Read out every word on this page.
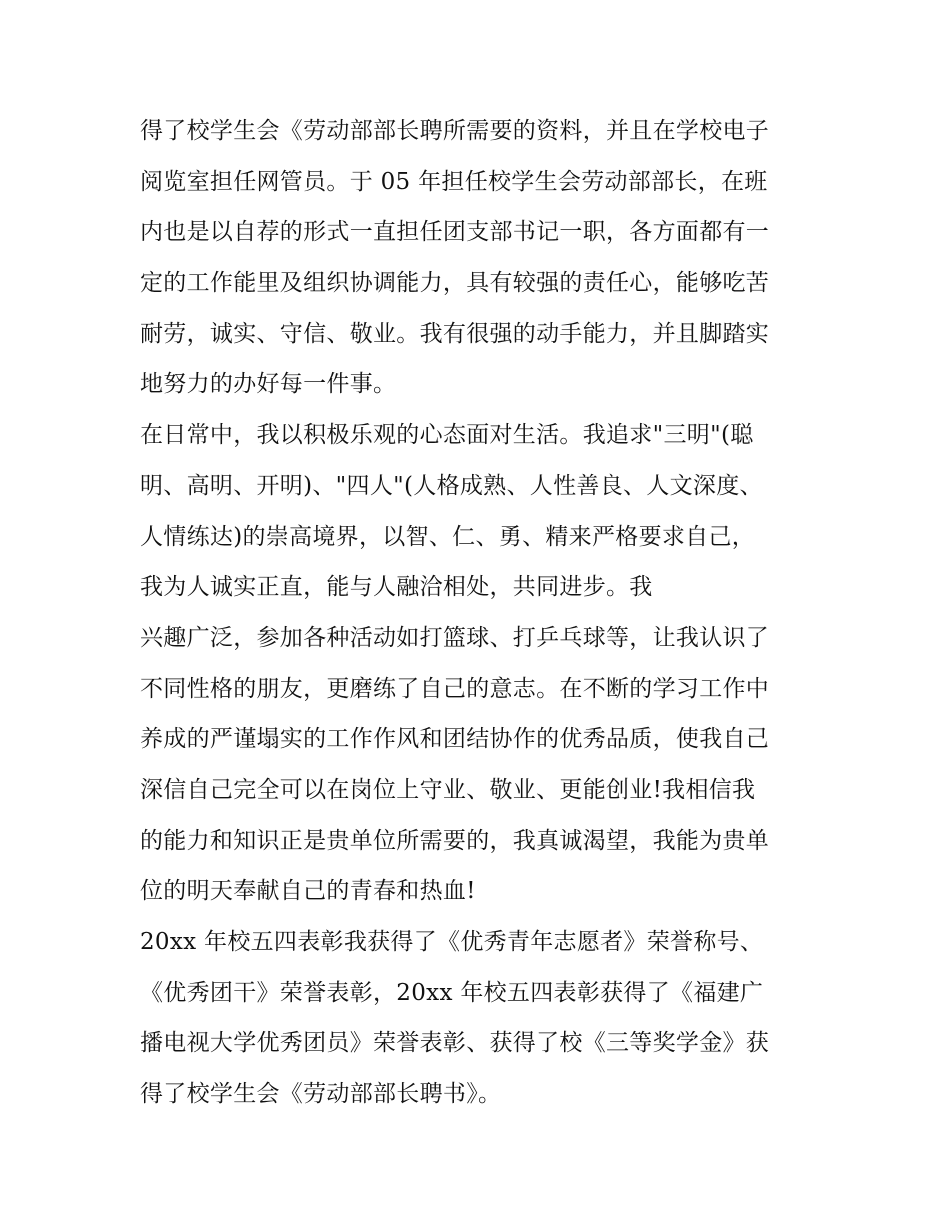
得了校学生会《劳动部部长聘所需要的资料，并且在学校电子
阅览室担任网管员。于 05 年担任校学生会劳动部部长，在班
内也是以自荐的形式一直担任团支部书记一职，各方面都有一
定的工作能里及组织协调能力，具有较强的责任心，能够吃苦
耐劳，诚实、守信、敬业。我有很强的动手能力，并且脚踏实
地努力的办好每一件事。
在日常中，我以积极乐观的心态面对生活。我追求"三明"(聪
明、高明、开明)、"四人"(人格成熟、人性善良、人文深度、
人情练达)的崇高境界，以智、仁、勇、精来严格要求自己，
我为人诚实正直，能与人融洽相处，共同进步。我
兴趣广泛，参加各种活动如打篮球、打乒乓球等，让我认识了
不同性格的朋友，更磨练了自己的意志。在不断的学习工作中
养成的严谨塌实的工作作风和团结协作的优秀品质，使我自己
深信自己完全可以在岗位上守业、敬业、更能创业!我相信我
的能力和知识正是贵单位所需要的，我真诚渴望，我能为贵单
位的明天奉献自己的青春和热血!
20xx 年校五四表彰我获得了《优秀青年志愿者》荣誉称号、
《优秀团干》荣誉表彰，20xx 年校五四表彰获得了《福建广
播电视大学优秀团员》荣誉表彰、获得了校《三等奖学金》获
得了校学生会《劳动部部长聘书》。
